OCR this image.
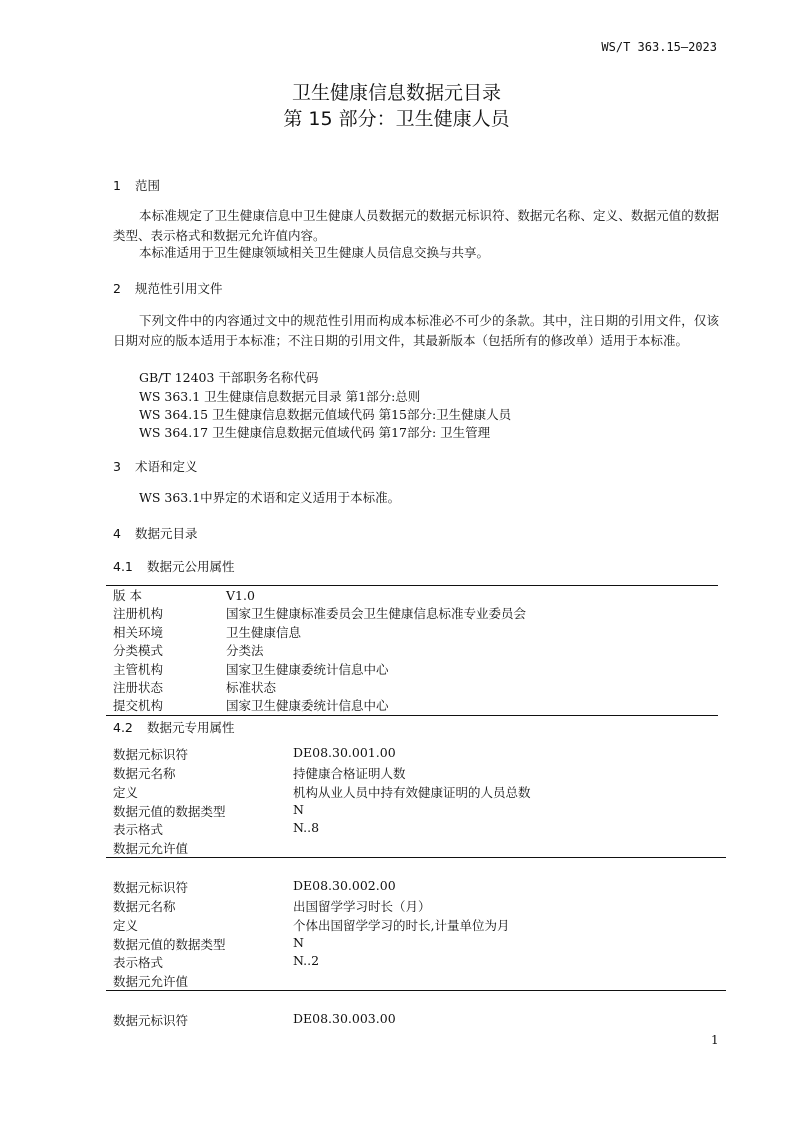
WS/T 363.15—2023
卫生健康信息数据元目录
第 15 部分：卫生健康人员
1 范围
本标准规定了卫生健康信息中卫生健康人员数据元的数据元标识符、数据元名称、定义、数据元值的数据类型、表示格式和数据元允许值内容。
本标准适用于卫生健康领域相关卫生健康人员信息交换与共享。
2 规范性引用文件
下列文件中的内容通过文中的规范性引用而构成本标准必不可少的条款。其中，注日期的引用文件，仅该日期对应的版本适用于本标准；不注日期的引用文件，其最新版本（包括所有的修改单）适用于本标准。
GB/T 12403 干部职务名称代码
WS 363.1 卫生健康信息数据元目录 第1部分:总则
WS 364.15 卫生健康信息数据元值域代码 第15部分:卫生健康人员
WS 364.17 卫生健康信息数据元值域代码 第17部分: 卫生管理
3 术语和定义
WS 363.1中界定的术语和定义适用于本标准。
4 数据元目录
4.1 数据元公用属性
版 本	V1.0
注册机构	国家卫生健康标准委员会卫生健康信息标准专业委员会
相关环境	卫生健康信息
分类模式	分类法
主管机构	国家卫生健康委统计信息中心
注册状态	标准状态
提交机构	国家卫生健康委统计信息中心
4.2 数据元专用属性
数据元标识符	DE08.30.001.00
数据元名称	持健康合格证明人数
定义	机构从业人员中持有效健康证明的人员总数
数据元值的数据类型	N
表示格式	N..8
数据元允许值
数据元标识符	DE08.30.002.00
数据元名称	出国留学学习时长（月）
定义	个体出国留学学习的时长,计量单位为月
数据元值的数据类型	N
表示格式	N..2
数据元允许值
数据元标识符	DE08.30.003.00
1
